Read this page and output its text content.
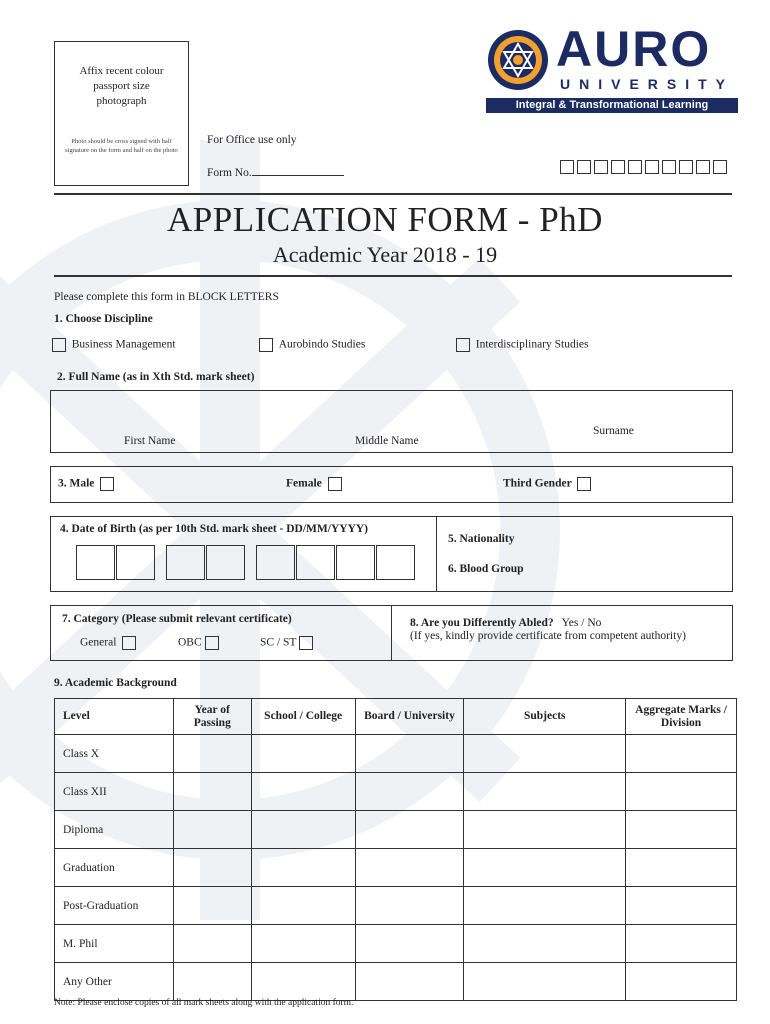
Affix recent colour passport size photograph
Photo should be cross signed with half signature on the form and half on the photo
For Office use only
Form No.
AURO
UNIVERSITY
Integral & Transformational Learning
APPLICATION FORM - PhD
Academic Year 2018 - 19
Please complete this form in BLOCK LETTERS
1. Choose Discipline
Business Management	Aurobindo Studies	Interdisciplinary Studies
2. Full Name (as in Xth Std. mark sheet)
First Name	Middle Name
Surname
3. Male	Female	Third Gender
4. Date of Birth (as per 10th Std. mark sheet - DD/MM/YYYY)
5. Nationality
6. Blood Group
7. Category (Please submit relevant certificate)
General	OBC	SC / ST
8. Are you Differently Abled? Yes / No
(If yes, kindly provide certificate from competent authority)
9. Academic Background
Level	Year of Passing	School / College	Board / University	Subjects	Aggregate Marks / Division
Class X					
Class XII					
Diploma					
Graduation					
Post-Graduation					
M. Phil					
Any Other					
Note: Please enclose copies of all mark sheets along with the application form.
